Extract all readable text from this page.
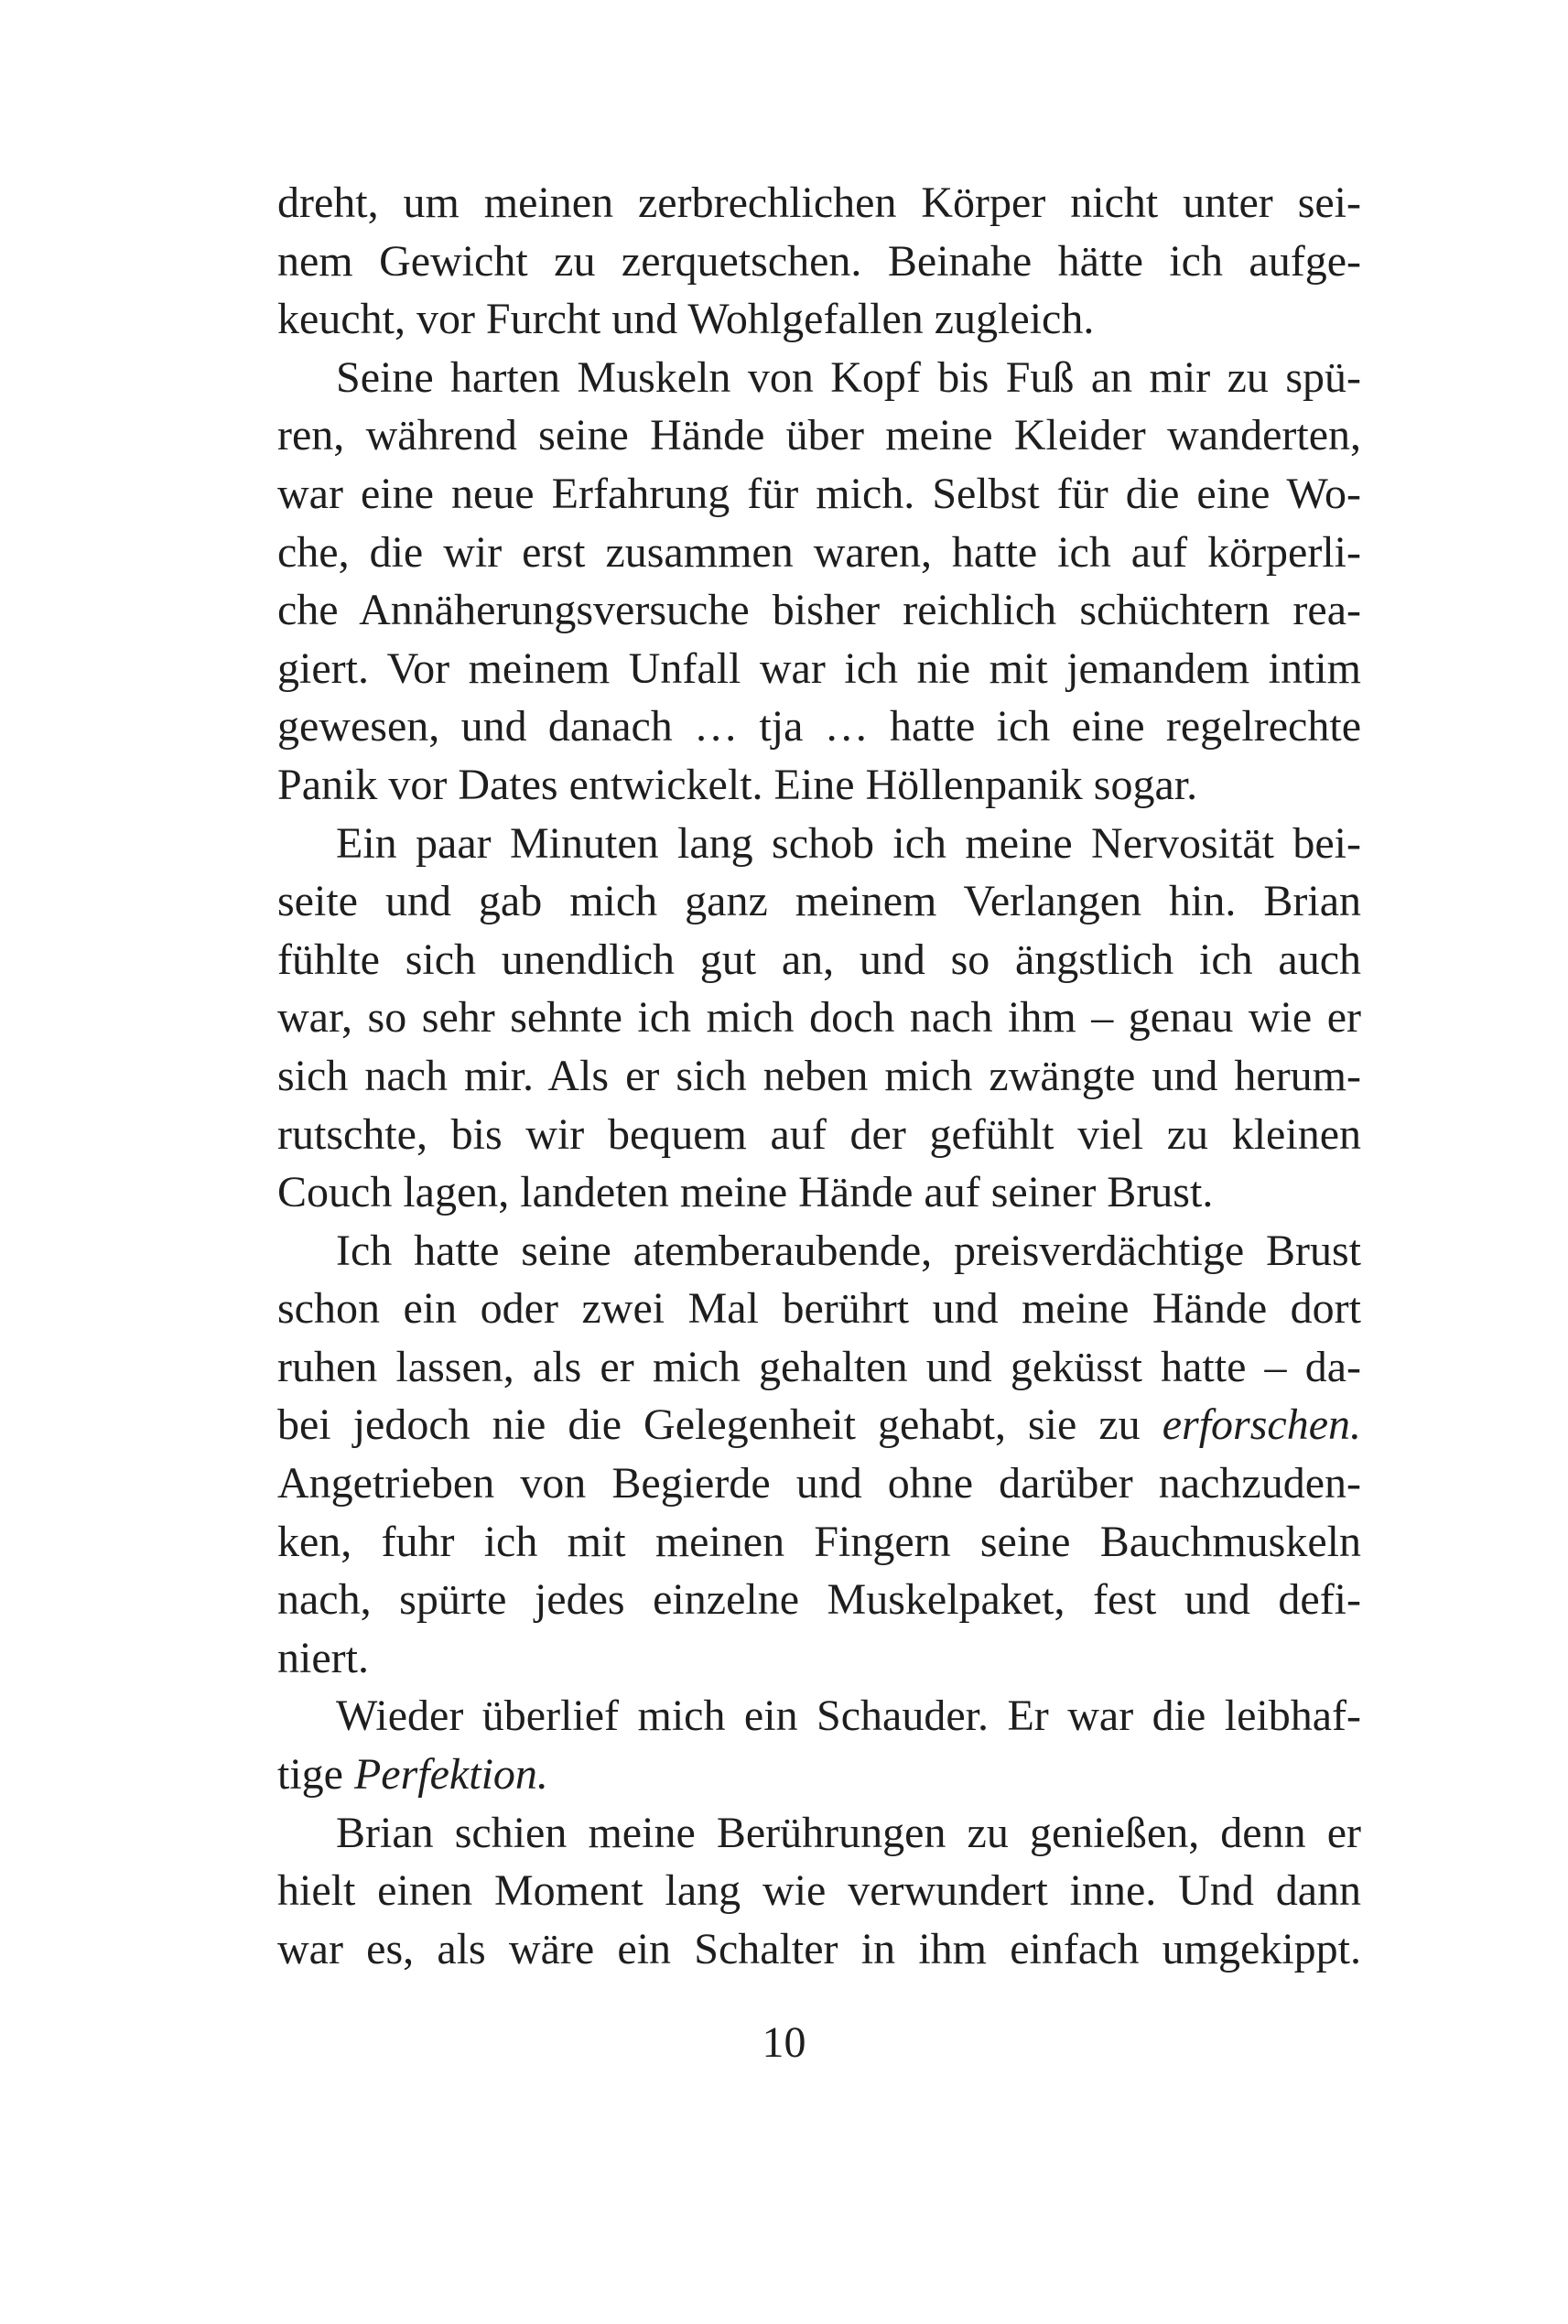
dreht, um meinen zerbrechlichen Körper nicht unter sei-
nem Gewicht zu zerquetschen. Beinahe hätte ich aufge-
keucht, vor Furcht und Wohlgefallen zugleich.
Seine harten Muskeln von Kopf bis Fuß an mir zu spü-
ren, während seine Hände über meine Kleider wanderten,
war eine neue Erfahrung für mich. Selbst für die eine Wo-
che, die wir erst zusammen waren, hatte ich auf körperli-
che Annäherungsversuche bisher reichlich schüchtern rea-
giert. Vor meinem Unfall war ich nie mit jemandem intim
gewesen, und danach … tja … hatte ich eine regelrechte
Panik vor Dates entwickelt. Eine Höllenpanik sogar.
Ein paar Minuten lang schob ich meine Nervosität bei-
seite und gab mich ganz meinem Verlangen hin. Brian
fühlte sich unendlich gut an, und so ängstlich ich auch
war, so sehr sehnte ich mich doch nach ihm – genau wie er
sich nach mir. Als er sich neben mich zwängte und herum-
rutschte, bis wir bequem auf der gefühlt viel zu kleinen
Couch lagen, landeten meine Hände auf seiner Brust.
Ich hatte seine atemberaubende, preisverdächtige Brust
schon ein oder zwei Mal berührt und meine Hände dort
ruhen lassen, als er mich gehalten und geküsst hatte – da-
bei jedoch nie die Gelegenheit gehabt, sie zu erforschen.
Angetrieben von Begierde und ohne darüber nachzuden-
ken, fuhr ich mit meinen Fingern seine Bauchmuskeln
nach, spürte jedes einzelne Muskelpaket, fest und defi-
niert.
Wieder überlief mich ein Schauder. Er war die leibhaf-
tige Perfektion.
Brian schien meine Berührungen zu genießen, denn er
hielt einen Moment lang wie verwundert inne. Und dann
war es, als wäre ein Schalter in ihm einfach umgekippt.
10
